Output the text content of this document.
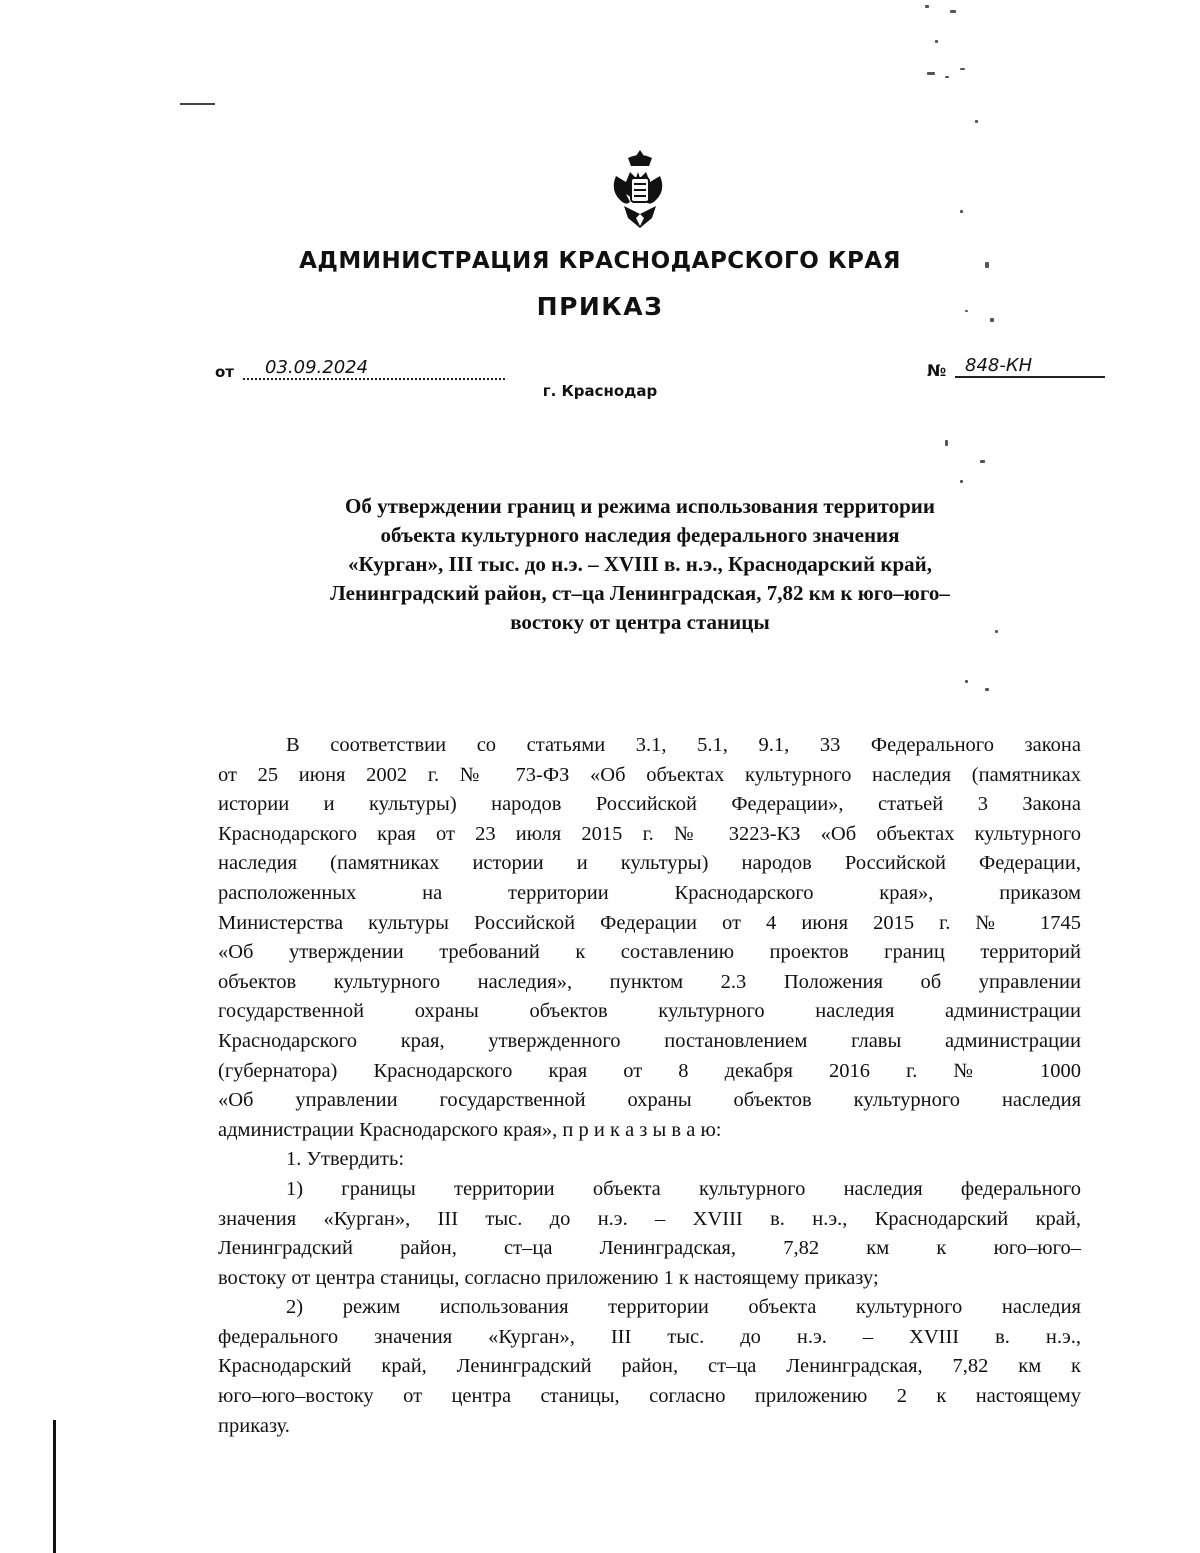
АДМИНИСТРАЦИЯ КРАСНОДАРСКОГО КРАЯ
ПРИКАЗ
от	03.09.2024	№	848-КН
г. Краснодар
Об утверждении границ и режима использования территории
объекта культурного наследия федерального значения
«Курган», III тыс. до н.э. – XVIII в. н.э., Краснодарский край,
Ленинградский район, ст–ца Ленинградская, 7,82 км к юго–юго–
востоку от центра станицы
В соответствии со статьями 3.1, 5.1, 9.1, 33 Федерального закона
от 25 июня 2002 г. № 73-ФЗ «Об объектах культурного наследия (памятниках
истории и культуры) народов Российской Федерации», статьей 3 Закона
Краснодарского края от 23 июля 2015 г. № 3223-КЗ «Об объектах культурного
наследия (памятниках истории и культуры) народов Российской Федерации,
расположенных на территории Краснодарского края», приказом
Министерства культуры Российской Федерации от 4 июня 2015 г. № 1745
«Об утверждении требований к составлению проектов границ территорий
объектов культурного наследия», пунктом 2.3 Положения об управлении
государственной охраны объектов культурного наследия администрации
Краснодарского края, утвержденного постановлением главы администрации
(губернатора) Краснодарского края от 8 декабря 2016 г. № 1000
«Об управлении государственной охраны объектов культурного наследия
администрации Краснодарского края», п р и к а з ы в а ю:
1. Утвердить:
1) границы территории объекта культурного наследия федерального
значения «Курган», III тыс. до н.э. – XVIII в. н.э., Краснодарский край,
Ленинградский район, ст–ца Ленинградская, 7,82 км к юго–юго–
востоку от центра станицы, согласно приложению 1 к настоящему приказу;
2) режим использования территории объекта культурного наследия
федерального значения «Курган», III тыс. до н.э. – XVIII в. н.э.,
Краснодарский край, Ленинградский район, ст–ца Ленинградская, 7,82 км к
юго–юго–востоку от центра станицы, согласно приложению 2 к настоящему
приказу.
